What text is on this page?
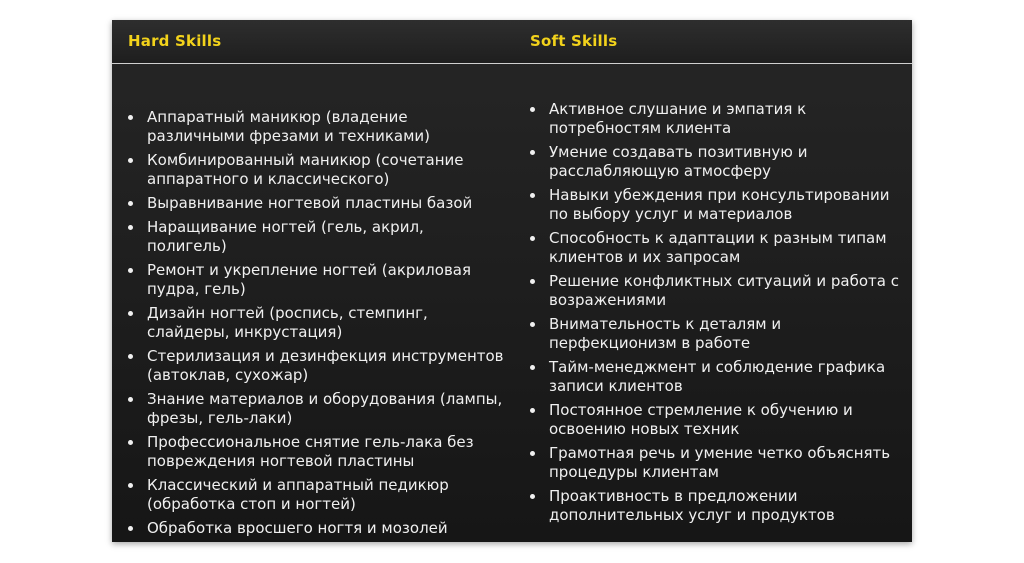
Hard Skills	Soft Skills
Аппаратный маникюр (владение различными фрезами и техниками)
Комбинированный маникюр (сочетание аппаратного и классического)
Выравнивание ногтевой пластины базой
Наращивание ногтей (гель, акрил, полигель)
Ремонт и укрепление ногтей (акриловая пудра, гель)
Дизайн ногтей (роспись, стемпинг, слайдеры, инкрустация)
Стерилизация и дезинфекция инструментов (автоклав, сухожар)
Знание материалов и оборудования (лампы, фрезы, гель-лаки)
Профессиональное снятие гель-лака без повреждения ногтевой пластины
Классический и аппаратный педикюр (обработка стоп и ногтей)
Обработка вросшего ногтя и мозолей
Активное слушание и эмпатия к потребностям клиента
Умение создавать позитивную и расслабляющую атмосферу
Навыки убеждения при консультировании по выбору услуг и материалов
Способность к адаптации к разным типам клиентов и их запросам
Решение конфликтных ситуаций и работа с возражениями
Внимательность к деталям и перфекционизм в работе
Тайм-менеджмент и соблюдение графика записи клиентов
Постоянное стремление к обучению и освоению новых техник
Грамотная речь и умение четко объяснять процедуры клиентам
Проактивность в предложении дополнительных услуг и продуктов
